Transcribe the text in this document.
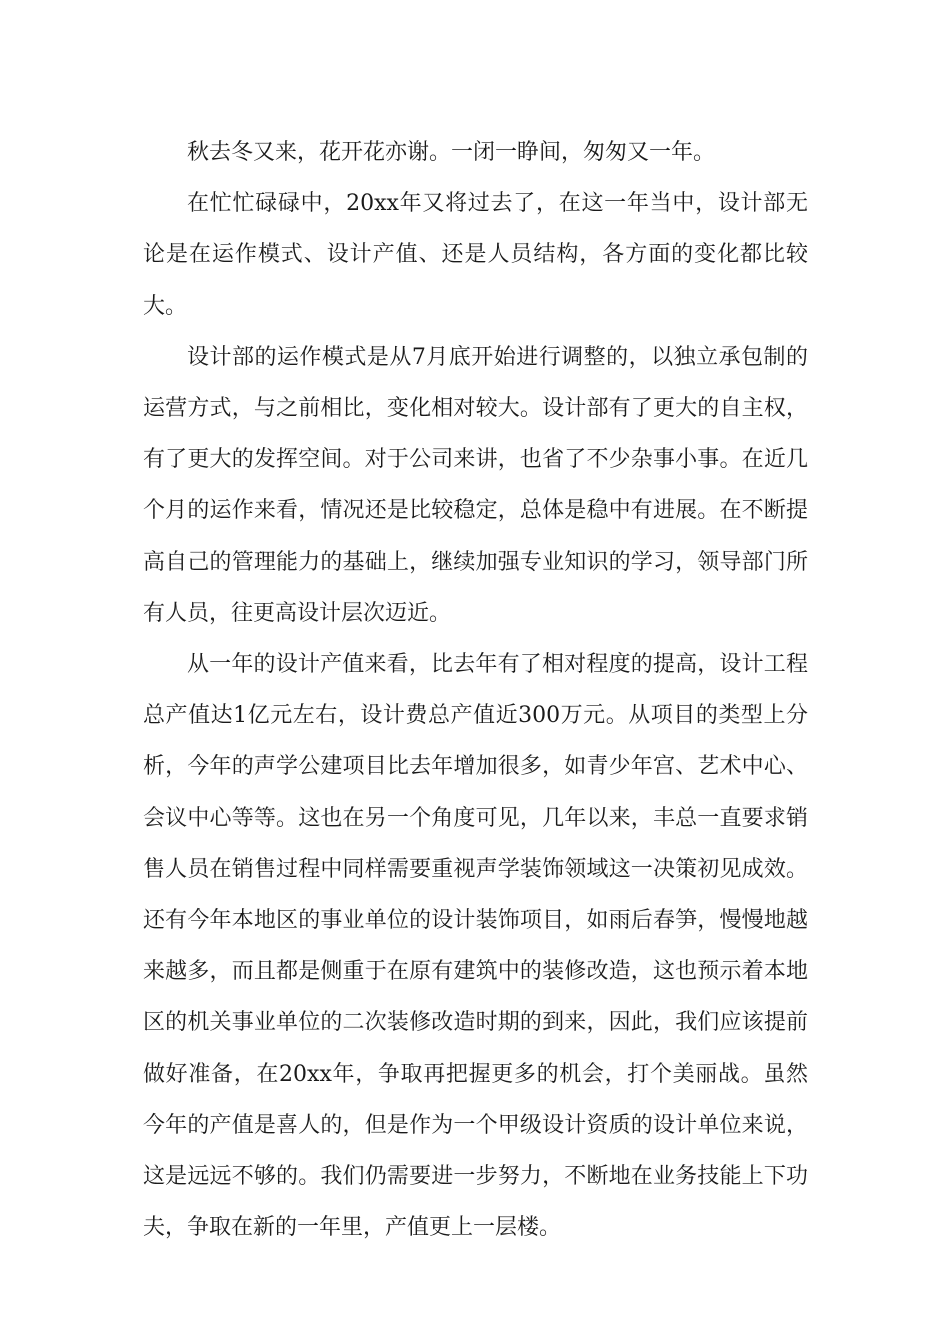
秋去冬又来，花开花亦谢。一闭一睁间，匆匆又一年。

在忙忙碌碌中，20xx年又将过去了，在这一年当中，设计部无论是在运作模式、设计产值、还是人员结构，各方面的变化都比较大。

设计部的运作模式是从7月底开始进行调整的，以独立承包制的运营方式，与之前相比，变化相对较大。设计部有了更大的自主权，有了更大的发挥空间。对于公司来讲，也省了不少杂事小事。在近几个月的运作来看，情况还是比较稳定，总体是稳中有进展。在不断提高自己的管理能力的基础上，继续加强专业知识的学习，领导部门所有人员，往更高设计层次迈近。

从一年的设计产值来看，比去年有了相对程度的提高，设计工程总产值达1亿元左右，设计费总产值近300万元。从项目的类型上分析，今年的声学公建项目比去年增加很多，如青少年宫、艺术中心、会议中心等等。这也在另一个角度可见，几年以来，丰总一直要求销售人员在销售过程中同样需要重视声学装饰领域这一决策初见成效。还有今年本地区的事业单位的设计装饰项目，如雨后春笋，慢慢地越来越多，而且都是侧重于在原有建筑中的装修改造，这也预示着本地区的机关事业单位的二次装修改造时期的到来，因此，我们应该提前做好准备，在20xx年，争取再把握更多的机会，打个美丽战。虽然今年的产值是喜人的，但是作为一个甲级设计资质的设计单位来说，这是远远不够的。我们仍需要进一步努力，不断地在业务技能上下功夫，争取在新的一年里，产值更上一层楼。
